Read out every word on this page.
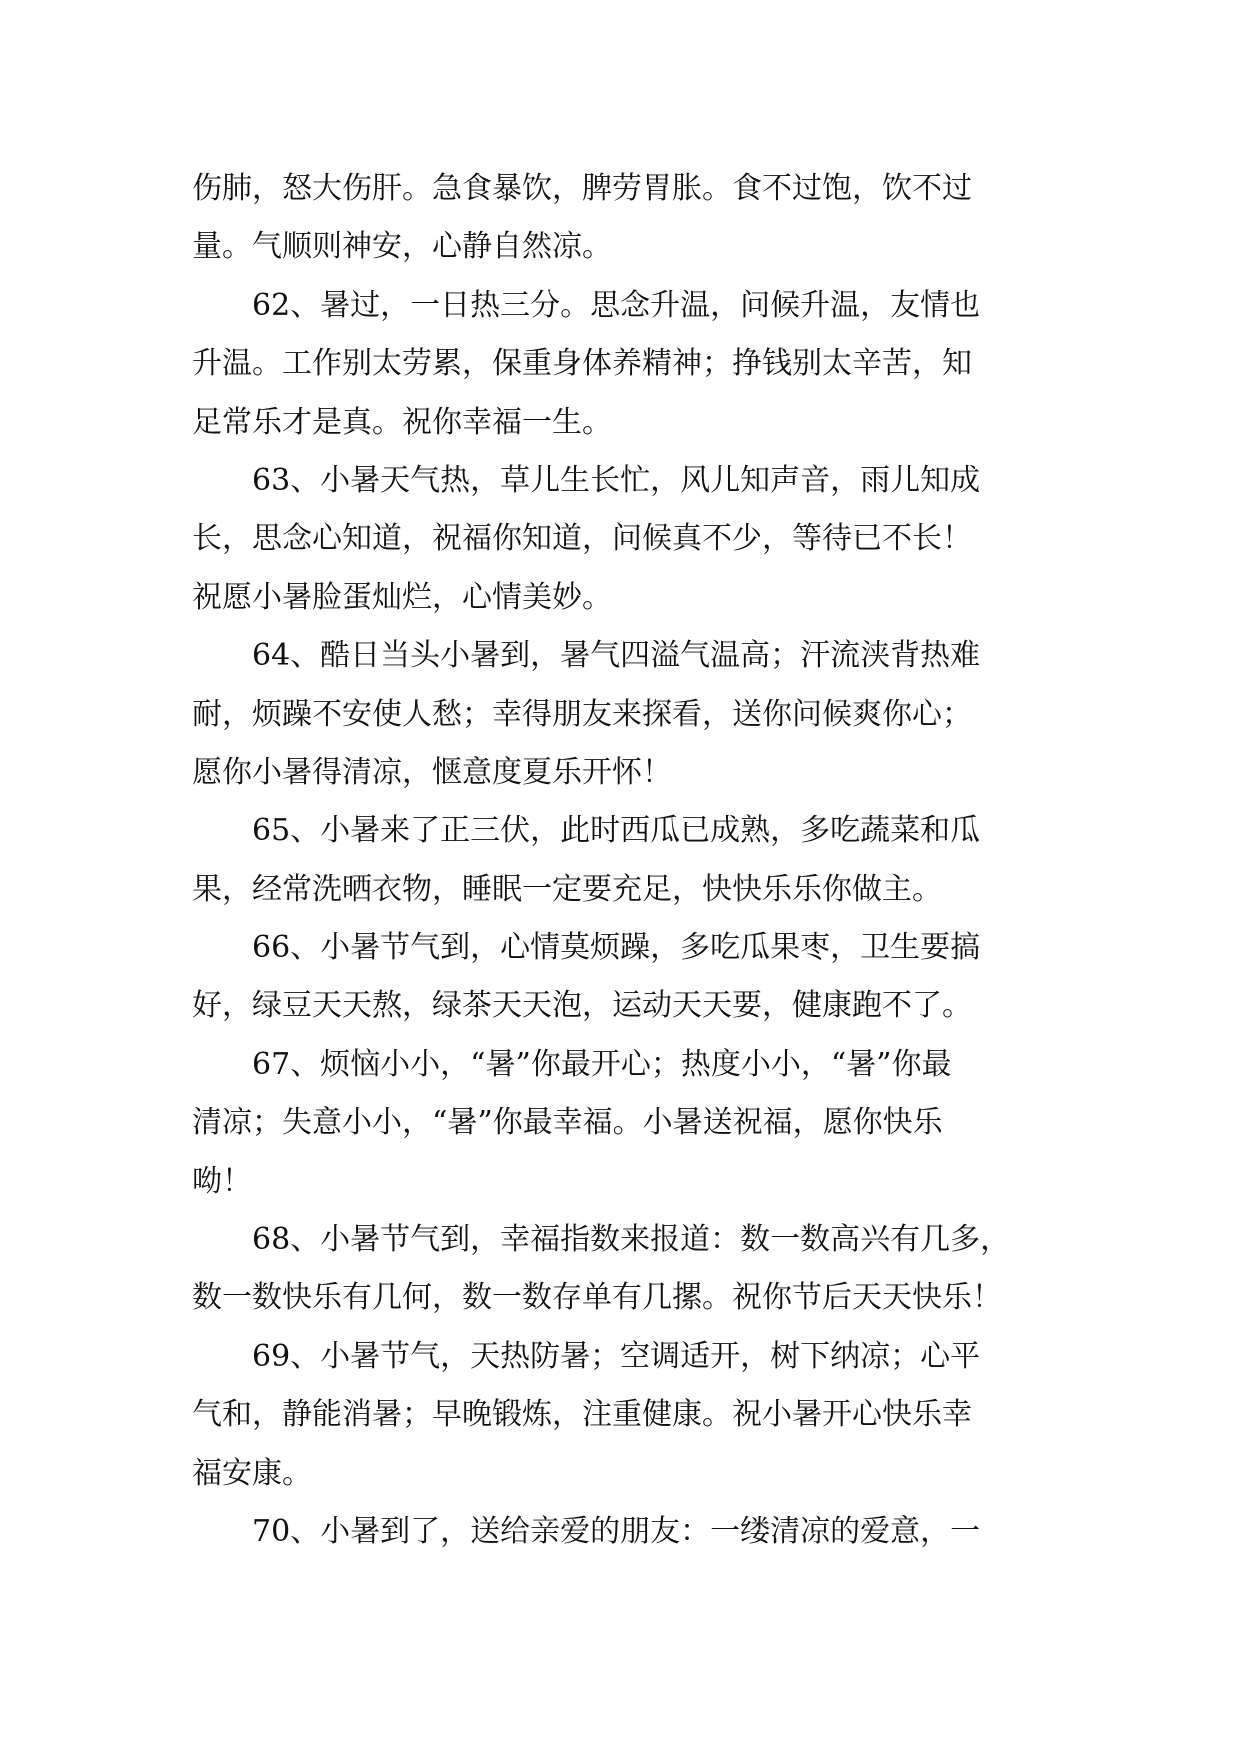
伤肺，怒大伤肝。急食暴饮，脾劳胃胀。食不过饱，饮不过
量。气顺则神安，心静自然凉。
　　62、暑过，一日热三分。思念升温，问候升温，友情也
升温。工作别太劳累，保重身体养精神；挣钱别太辛苦，知
足常乐才是真。祝你幸福一生。
　　63、小暑天气热，草儿生长忙，风儿知声音，雨儿知成
长，思念心知道，祝福你知道，问候真不少，等待已不长！
祝愿小暑脸蛋灿烂，心情美妙。
　　64、酷日当头小暑到，暑气四溢气温高；汗流浃背热难
耐，烦躁不安使人愁；幸得朋友来探看，送你问候爽你心；
愿你小暑得清凉，惬意度夏乐开怀！
　　65、小暑来了正三伏，此时西瓜已成熟，多吃蔬菜和瓜
果，经常洗晒衣物，睡眠一定要充足，快快乐乐你做主。
　　66、小暑节气到，心情莫烦躁，多吃瓜果枣，卫生要搞
好，绿豆天天熬，绿茶天天泡，运动天天要，健康跑不了。
　　67、烦恼小小，“暑”你最开心；热度小小，“暑”你最
清凉；失意小小，“暑”你最幸福。小暑送祝福，愿你快乐
呦！
　　68、小暑节气到，幸福指数来报道：数一数高兴有几多，
数一数快乐有几何，数一数存单有几摞。祝你节后天天快乐！
　　69、小暑节气，天热防暑；空调适开，树下纳凉；心平
气和，静能消暑；早晚锻炼，注重健康。祝小暑开心快乐幸
福安康。
　　70、小暑到了，送给亲爱的朋友：一缕清凉的爱意，一
